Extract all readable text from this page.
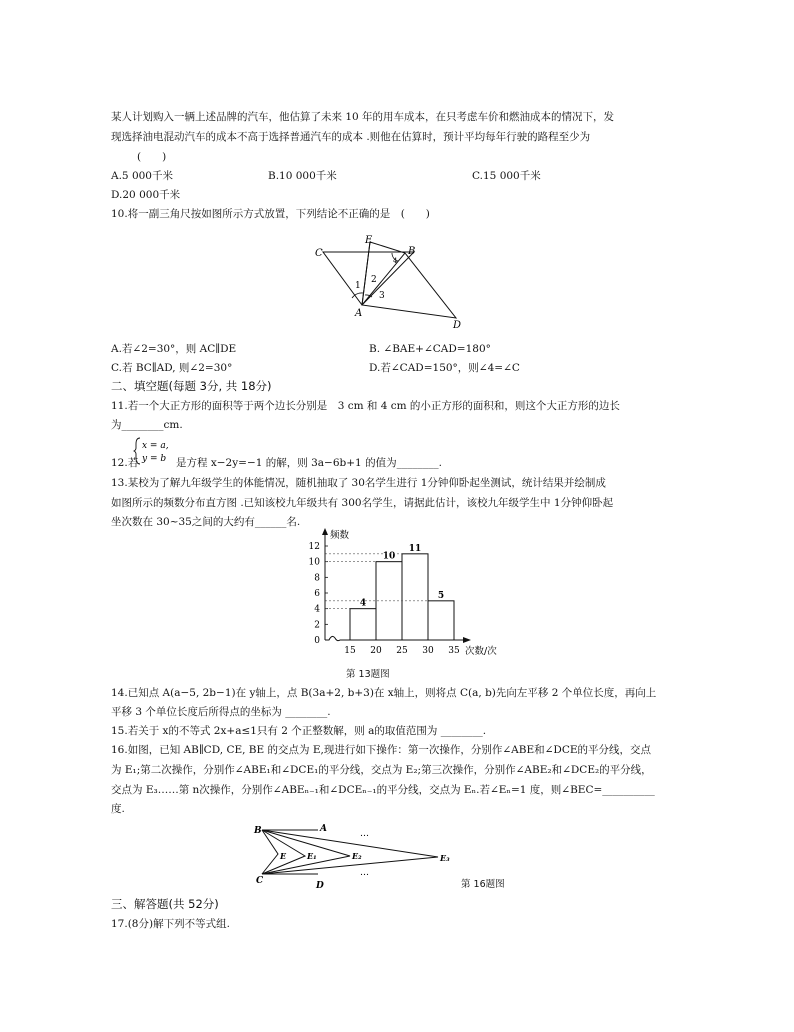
某人计划购入一辆上述品牌的汽车，他估算了未来 10 年的用车成本，在只考虑车价和燃油成本的情况下，发
现选择油电混动汽车的成本不高于选择普通汽车的成本 .则他在估算时，预计平均每年行驶的路程至少为
(　　)
A.5 000千米	B.10 000千米	C.15 000千米
D.20 000千米
10.将一副三角尺按如图所示方式放置，下列结论不正确的是　(　　)
C
E
B
A
D
1
2
3
4
A.若∠2=30°，则 AC∥DE	B. ∠BAE+∠CAD=180°
C.若 BC∥AD, 则∠2=30°	D.若∠CAD=150°，则∠4=∠C
二、填空题(每题 3分, 共 18分)
11.若一个大正方形的面积等于两个边长分别是　3 cm 和 4 cm 的小正方形的面积和，则这个大正方形的边长
为________cm.
12.若
x = a,
y = b 是方程 x−2y=−1 的解，则 3a−6b+1 的值为________.
13.某校为了解九年级学生的体能情况，随机抽取了 30名学生进行 1分钟仰卧起坐测试，统计结果并绘制成
如图所示的频数分布直方图 .已知该校九年级共有 300名学生，请据此估计，该校九年级学生中 1分钟仰卧起
坐次数在 30~35之间的大约有______名.
12
10
8
6
4
2
0
15 20 25 30 35
4
10
11
5
频数
次数/次
第 13题图
14.已知点 A(a−5, 2b−1)在 y轴上，点 B(3a+2, b+3)在 x轴上，则将点 C(a, b)先向左平移 2 个单位长度，再向上
平移 3 个单位长度后所得点的坐标为 ________.
15.若关于 x的不等式 2x+a≤1只有 2 个正整数解，则 a的取值范围为 ________.
16.如图，已知 AB∥CD, CE, BE 的交点为 E,现进行如下操作：第一次操作，分别作∠ABE和∠DCE的平分线，交点
为 E₁;第二次操作，分别作∠ABE₁和∠DCE₁的平分线，交点为 E₂;第三次操作，分别作∠ABE₂和∠DCE₂的平分线，
交点为 E₃……第 n次操作，分别作∠ABEₙ₋₁和∠DCEₙ₋₁的平分线，交点为 Eₙ.若∠Eₙ=1 度，则∠BEC=__________
度.
B	A
E	E₁	E₂	E₃
C	D
…
…
第 16题图
三、解答题(共 52分)
17.(8分)解下列不等式组.
